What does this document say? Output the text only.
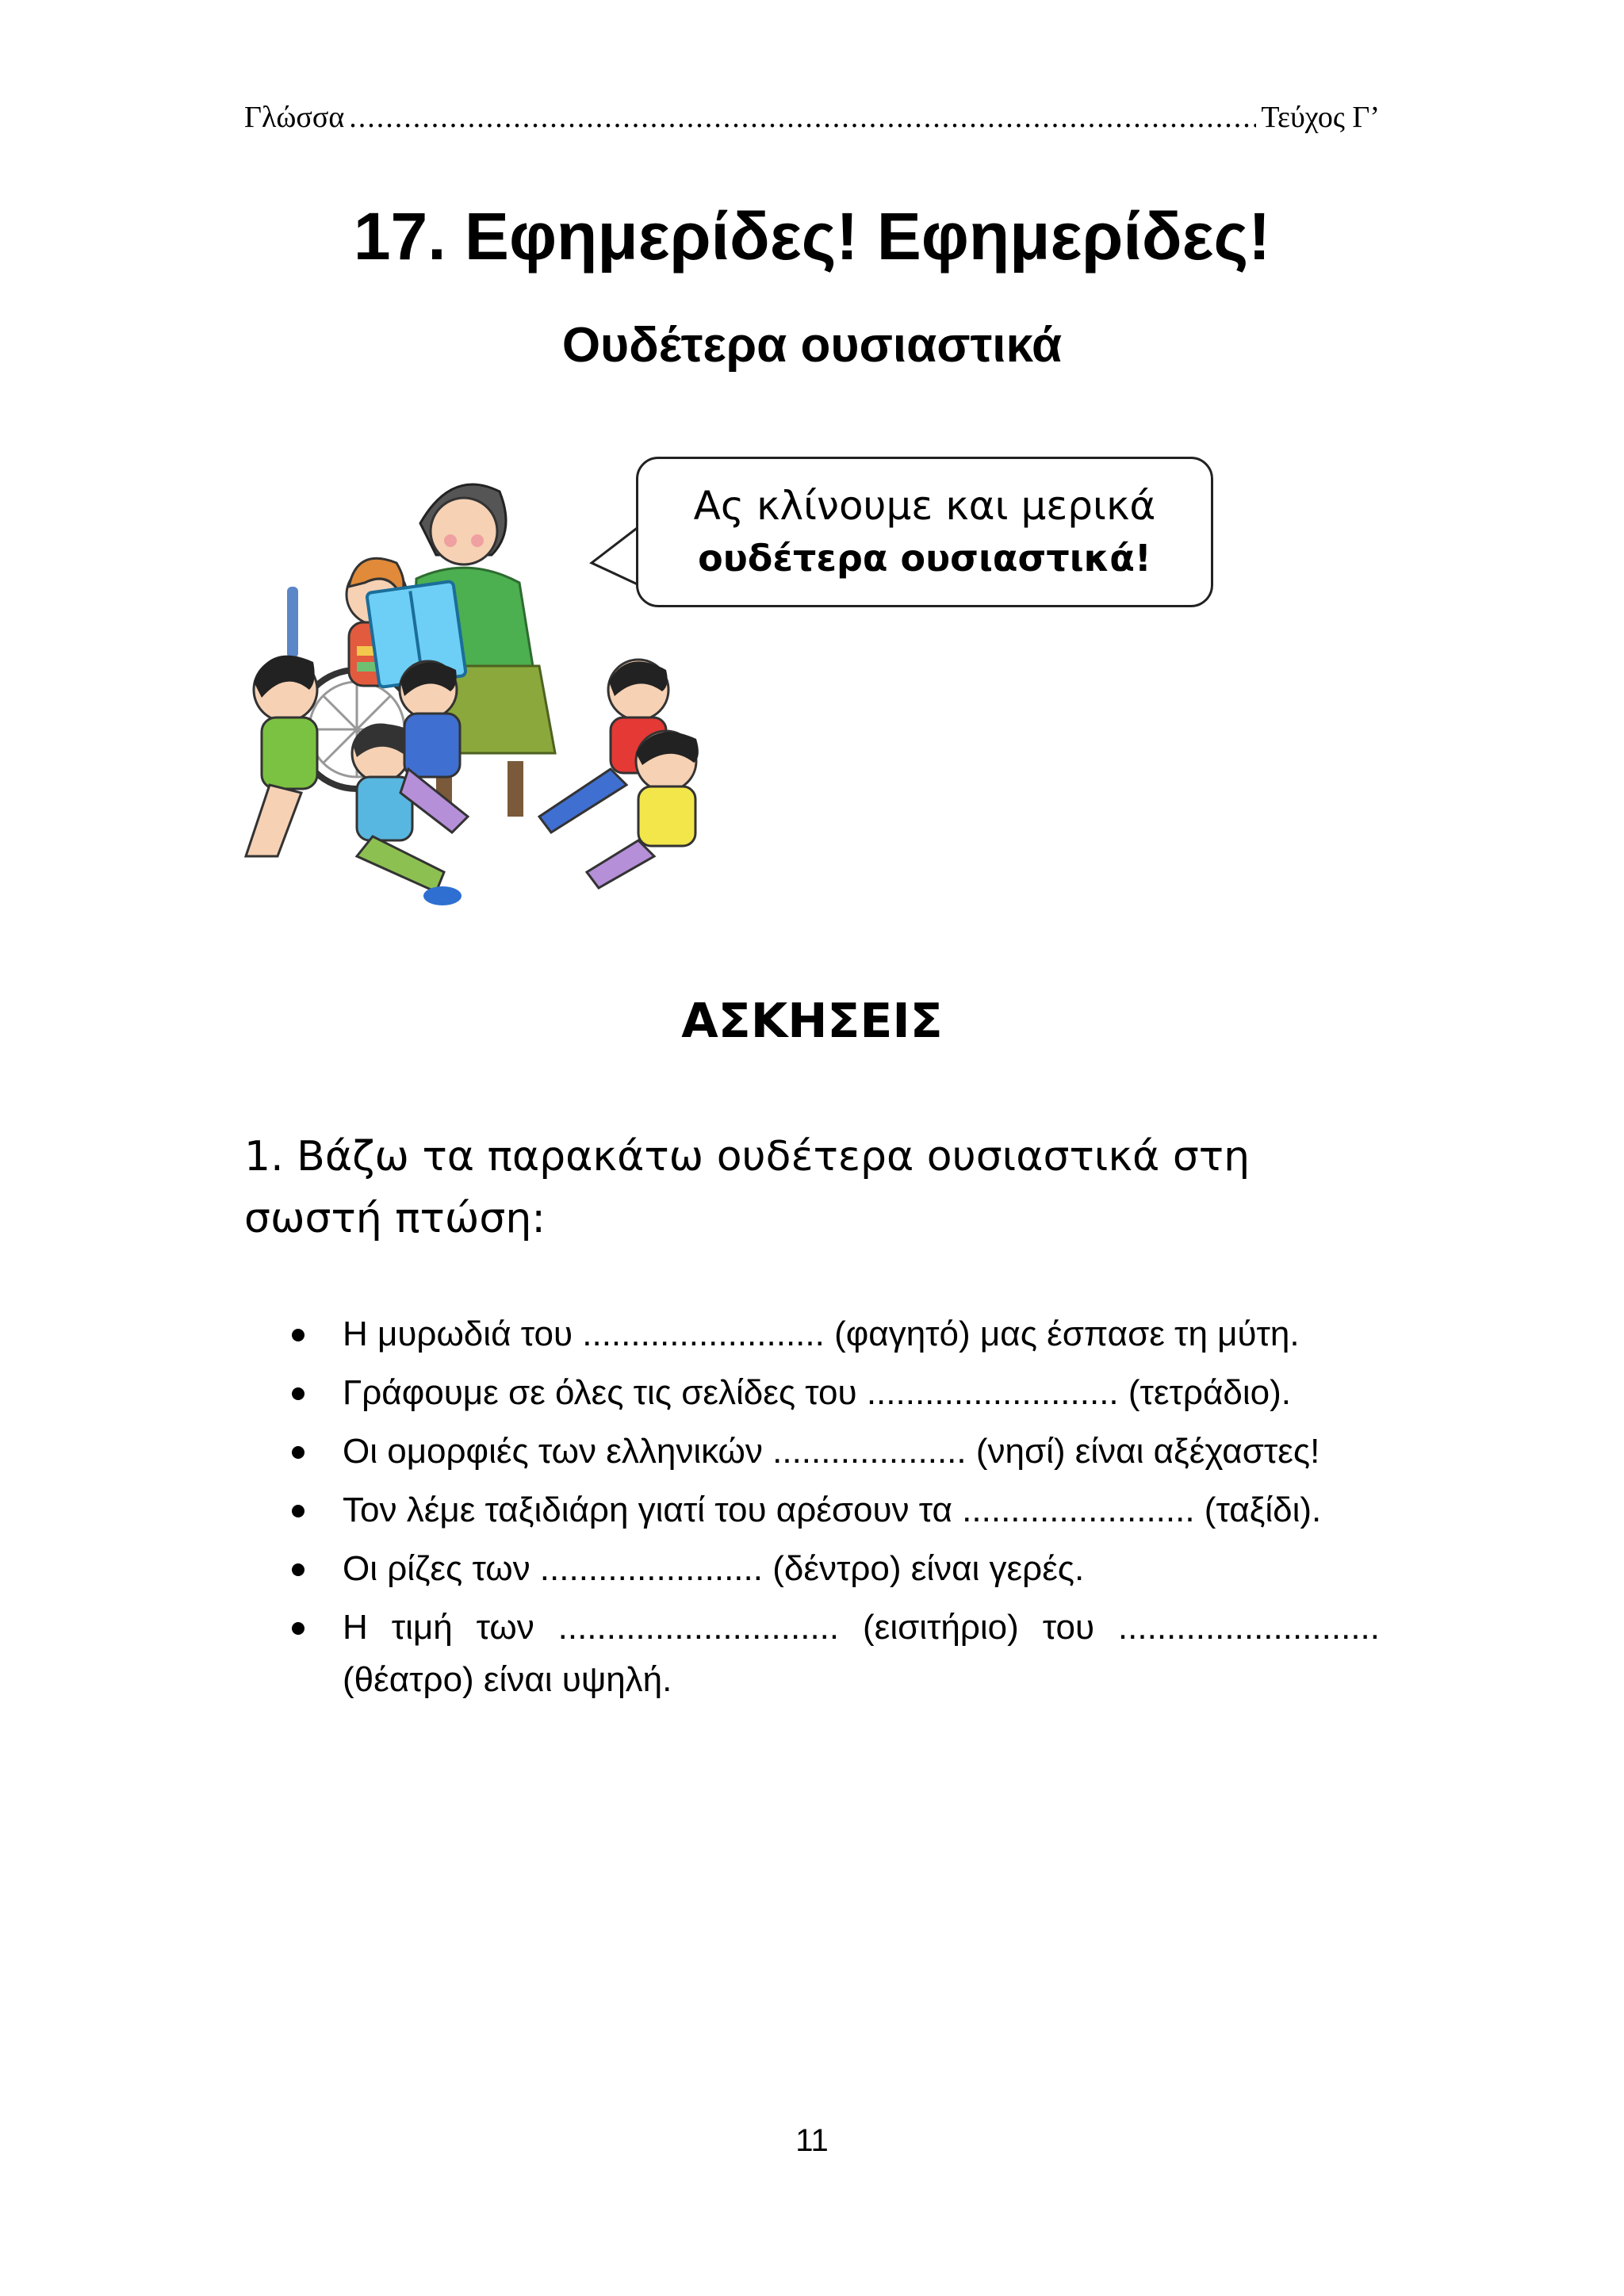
Γλώσσα
.....	Τεύχος Γ’
17. Εφημερίδες! Εφημερίδες!
Ουδέτερα ουσιαστικά
Ας κλίνουμε και μερικά
ουδέτερα ουσιαστικά!
ΑΣΚΗΣΕΙΣ
1. Βάζω τα παρακάτω ουδέτερα ουσιαστικά στη σωστή πτώση:
Η μυρωδιά του ......................... (φαγητό) μας έσπασε τη μύτη.
Γράφουμε σε όλες τις σελίδες του .......................... (τετράδιο).
Οι ομορφιές των ελληνικών .................... (νησί) είναι αξέχαστες!
Τον λέμε ταξιδιάρη γιατί του αρέσουν τα ........................ (ταξίδι).
Οι ρίζες των ....................... (δέντρο) είναι γερές.
Η τιμή των ............................. (εισιτήριο) του ........................... (θέατρο) είναι υψηλή.
11
